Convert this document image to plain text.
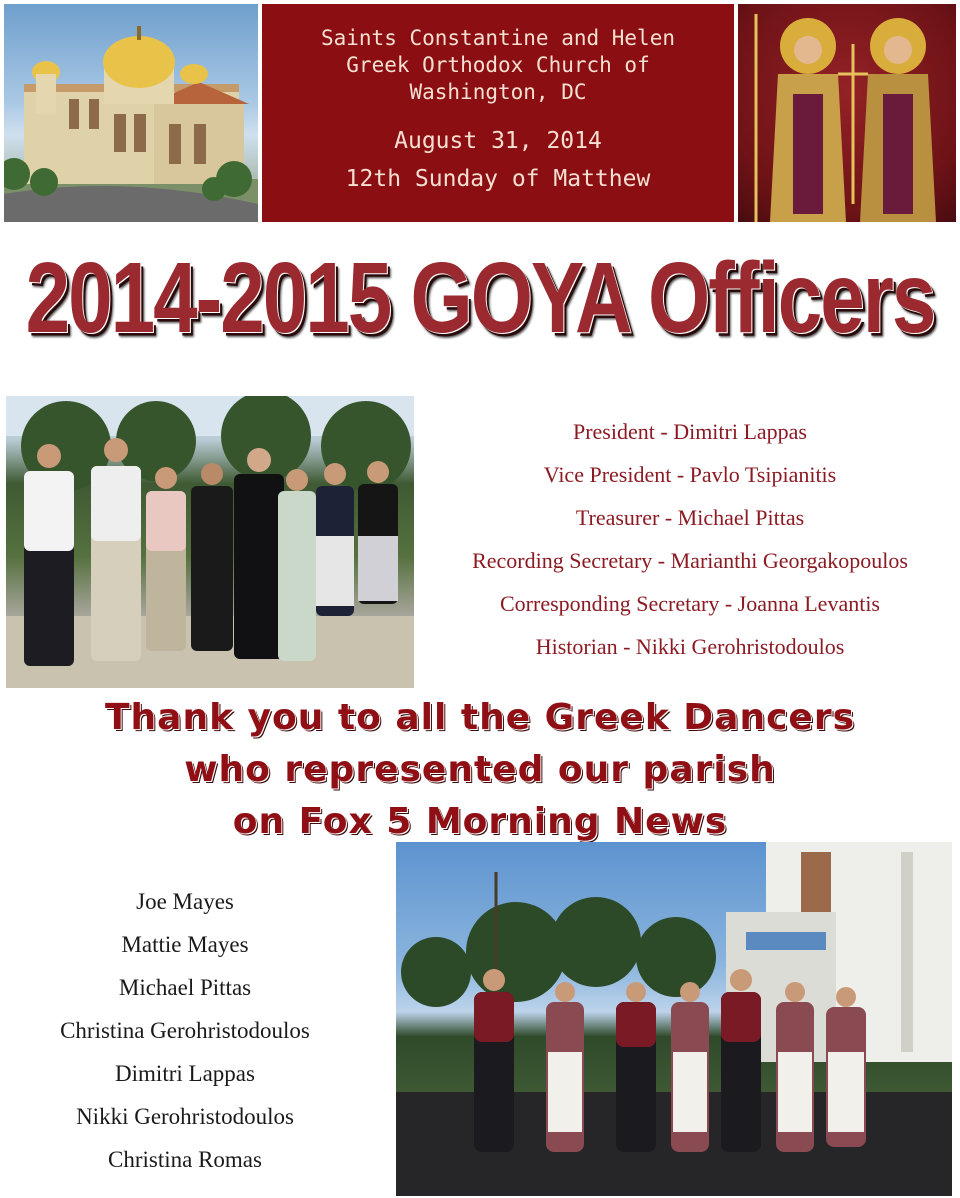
Saints Constantine and Helen
Greek Orthodox Church of
Washington, DC
August 31, 2014
12th Sunday of Matthew
2014-2015 GOYA Officers
President - Dimitri Lappas
Vice President - Pavlo Tsipianitis
Treasurer - Michael Pittas
Recording Secretary - Marianthi Georgakopoulos
Corresponding Secretary - Joanna Levantis
Historian - Nikki Gerohristodoulos
Thank you to all the Greek Dancers
who represented our parish
on Fox 5 Morning News
Joe Mayes
Mattie Mayes
Michael Pittas
Christina Gerohristodoulos
Dimitri Lappas
Nikki Gerohristodoulos
Christina Romas
